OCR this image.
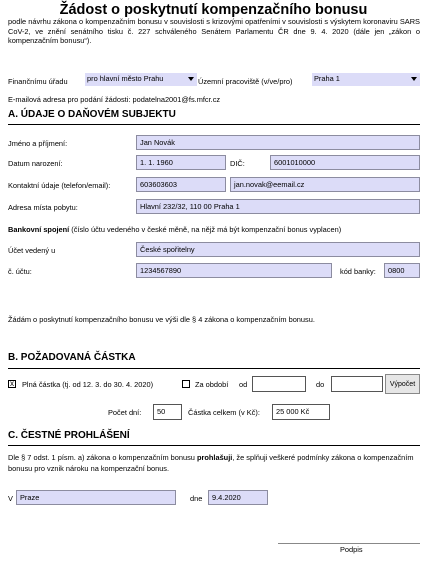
Žádost o poskytnutí kompenzačního bonusu
podle návrhu zákona o kompenzačním bonusu v souvislosti s krizovými opatřeními v souvislosti s výskytem koronaviru SARS CoV-2, ve znění senátního tisku č. 227 schváleného Senátem Parlamentu ČR dne 9. 4. 2020 (dále jen „zákon o kompenzačním bonusu“).
Finančnímu úřadu	pro hlavní město Prahu	Územní pracoviště (v/ve/pro)	Praha 1
E-mailová adresa pro podání žádosti: podatelna2001@fs.mfcr.cz
A. ÚDAJE O DAŇOVÉM SUBJEKTU
Jméno a příjmení:	Jan Novák
Datum narození:	1. 1. 1960	DIČ:	6001010000
Kontaktní údaje (telefon/email):	603603603	jan.novak@eemail.cz
Adresa místa pobytu:	Hlavní 232/32, 110 00 Praha 1
Bankovní spojení (číslo účtu vedeného v české měně, na nějž má být kompenzační bonus vyplacen)
Účet vedený u	České spořitelny
č. účtu:	1234567890	kód banky:	0800
Žádám o poskytnutí kompenzačního bonusu ve výši dle § 4 zákona o kompenzačním bonusu.
B. POŽADOVANÁ ČÁSTKA
x Plná částka (tj. od 12. 3. do 30. 4. 2020)	Za období od	do	Výpočet
Počet dní:	50	Částka celkem (v Kč):	25 000 Kč
C. ČESTNÉ PROHLÁŠENÍ
Dle § 7 odst. 1 písm. a) zákona o kompenzačním bonusu prohlašuji, že splňuji veškeré podmínky zákona o kompenzačním bonusu pro vznik nároku na kompenzační bonus.
V Praze	dne	9.4.2020
Podpis
